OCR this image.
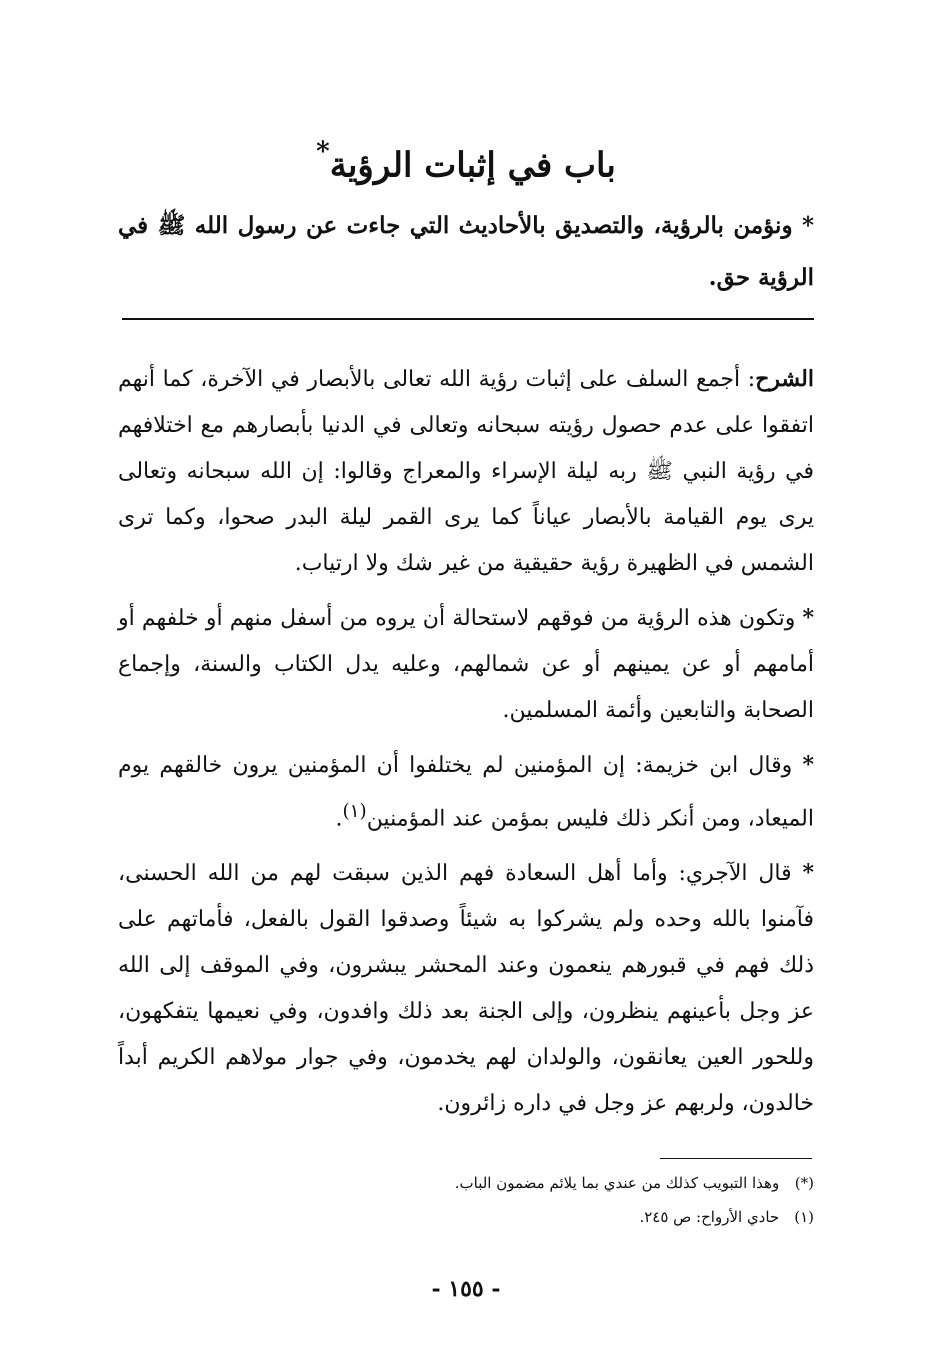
باب في إثبات الرؤية*
* ونؤمن بالرؤية، والتصديق بالأحاديث التي جاءت عن رسول الله ﷺ في الرؤية حق.

الشرح: أجمع السلف على إثبات رؤية الله تعالى بالأبصار في الآخرة، كما أنهم اتفقوا على عدم حصول رؤيته سبحانه وتعالى في الدنيا بأبصارهم مع اختلافهم في رؤية النبي ﷺ ربه ليلة الإسراء والمعراج وقالوا: إن الله سبحانه وتعالى يرى يوم القيامة بالأبصار عياناً كما يرى القمر ليلة البدر صحوا، وكما ترى الشمس في الظهيرة رؤية حقيقية من غير شك ولا ارتياب.

* وتكون هذه الرؤية من فوقهم لاستحالة أن يروه من أسفل منهم أو خلفهم أو أمامهم أو عن يمينهم أو عن شمالهم، وعليه يدل الكتاب والسنة، وإجماع الصحابة والتابعين وأئمة المسلمين.

* وقال ابن خزيمة: إن المؤمنين لم يختلفوا أن المؤمنين يرون خالقهم يوم الميعاد، ومن أنكر ذلك فليس بمؤمن عند المؤمنين$^{(١)}$.

* قال الآجري: وأما أهل السعادة فهم الذين سبقت لهم من الله الحسنى، فآمنوا بالله وحده ولم يشركوا به شيئاً وصدقوا القول بالفعل، فأماتهم على ذلك فهم في قبورهم ينعمون وعند المحشر يبشرون، وفي الموقف إلى الله عز وجل بأعينهم ينظرون، وإلى الجنة بعد ذلك وافدون، وفي نعيمها يتفكهون، وللحور العين يعانقون، والولدان لهم يخدمون، وفي جوار مولاهم الكريم أبداً خالدون، ولربهم عز وجل في داره زائرون.

(*) وهذا التبويب كذلك من عندي بما يلائم مضمون الباب.

(١) حادي الأرواح: ص ٢٤٥.

- ١٥٥ -
